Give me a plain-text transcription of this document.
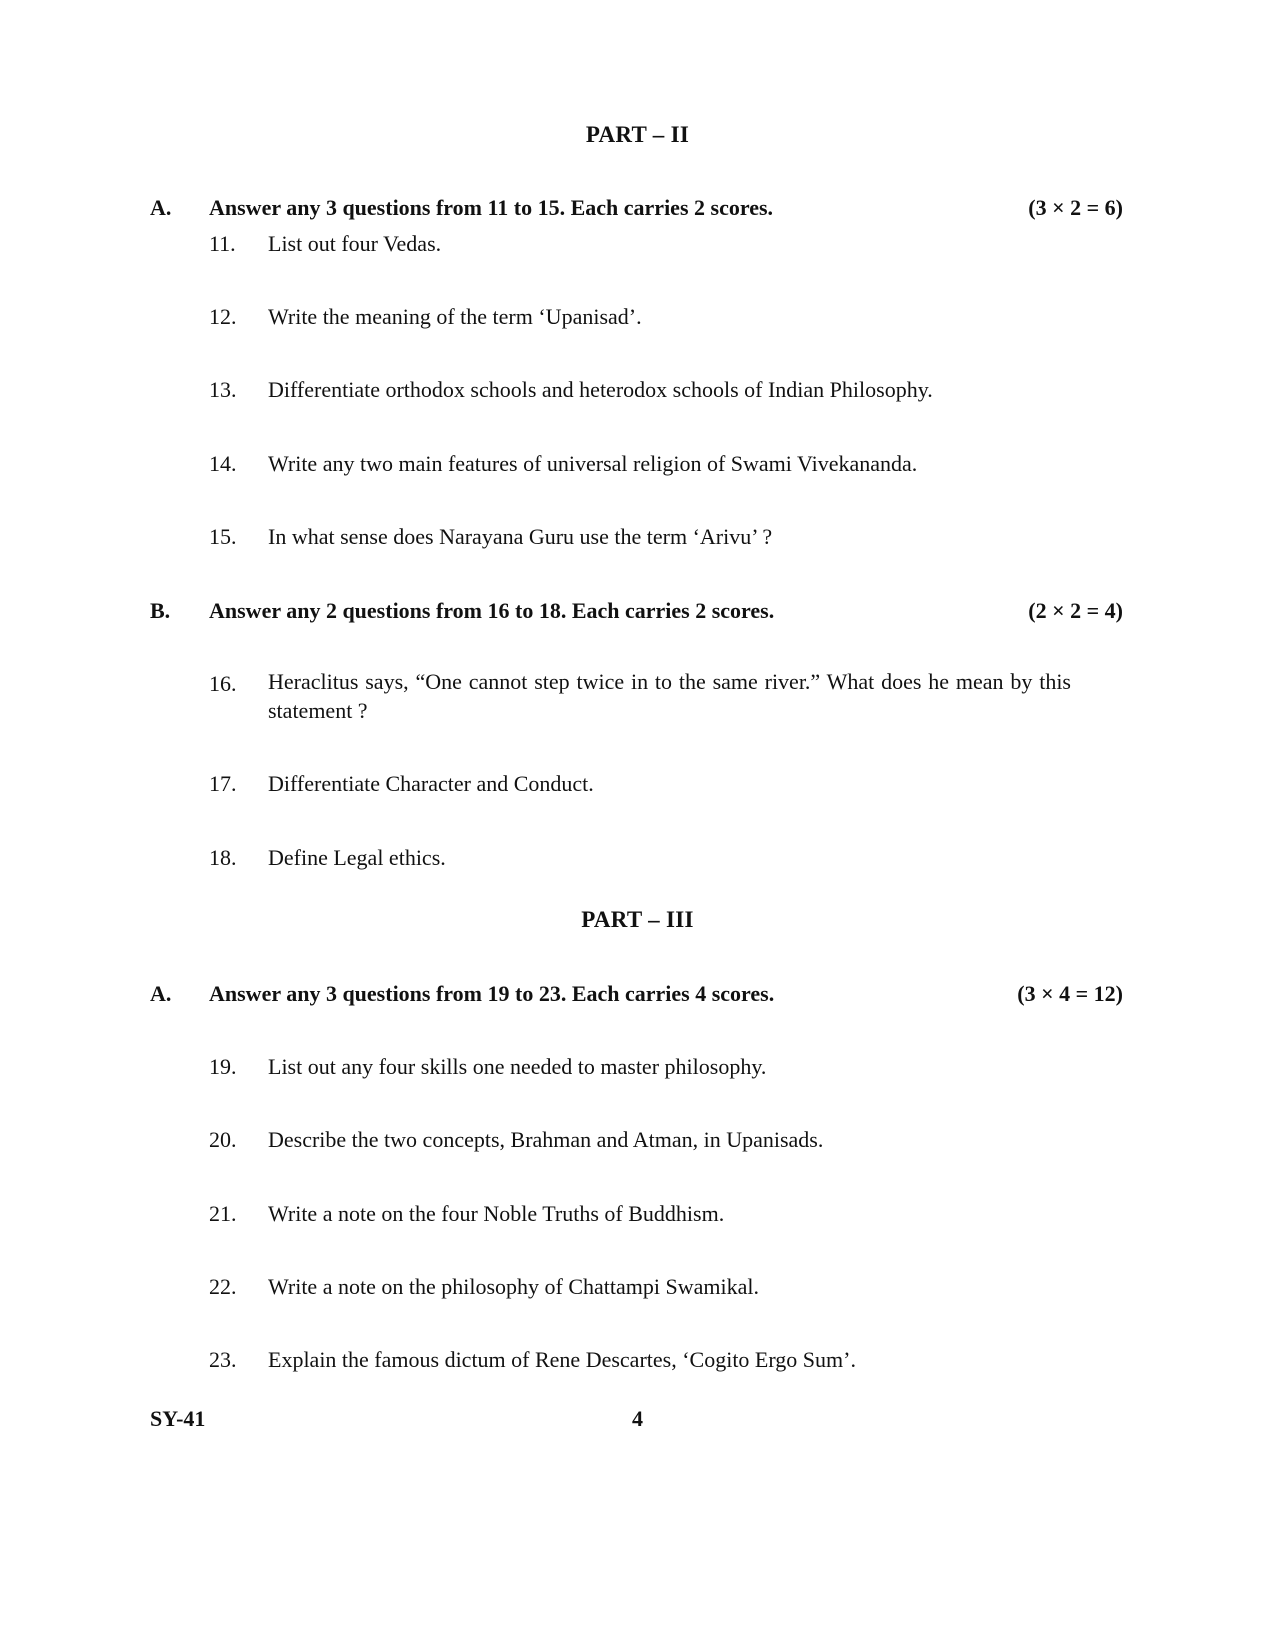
PART – II
A. Answer any 3 questions from 11 to 15. Each carries 2 scores.	(3 × 2 = 6)
11. List out four Vedas.
12. Write the meaning of the term ‘Upanisad’.
13. Differentiate orthodox schools and heterodox schools of Indian Philosophy.
14. Write any two main features of universal religion of Swami Vivekananda.
15. In what sense does Narayana Guru use the term ‘Arivu’ ?
B. Answer any 2 questions from 16 to 18. Each carries 2 scores.	(2 × 2 = 4)
16. Heraclitus says, “One cannot step twice in to the same river.” What does he mean by this statement ?
17. Differentiate Character and Conduct.
18. Define Legal ethics.
PART – III
A. Answer any 3 questions from 19 to 23. Each carries 4 scores.	(3 × 4 = 12)
19. List out any four skills one needed to master philosophy.
20. Describe the two concepts, Brahman and Atman, in Upanisads.
21. Write a note on the four Noble Truths of Buddhism.
22. Write a note on the philosophy of Chattampi Swamikal.
23. Explain the famous dictum of Rene Descartes, ‘Cogito Ergo Sum’.
SY-41	4
